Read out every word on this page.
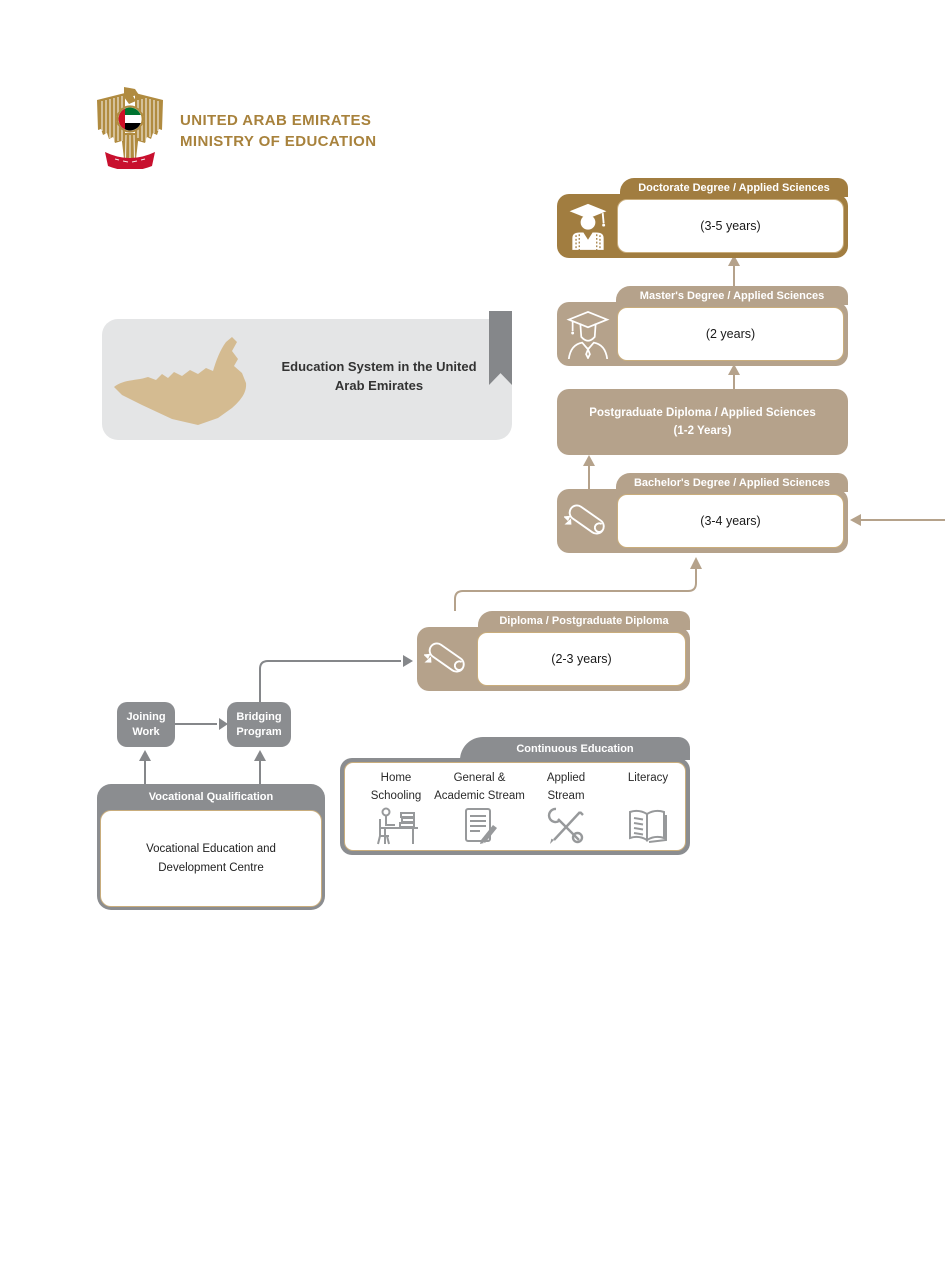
UNITED ARAB EMIRATES
MINISTRY OF EDUCATION
Education System in the United
Arab Emirates
Doctorate Degree / Applied Sciences
(3-5 years)
Master's Degree / Applied Sciences
(2 years)
Postgraduate Diploma / Applied Sciences
(1-2 Years)
Bachelor's Degree / Applied Sciences
(3-4 years)
Diploma / Postgraduate Diploma
(2-3 years)
Joining
Work
Bridging
Program
Vocational Qualification
Vocational Education and
Development Centre
Continuous Education
Home
Schooling
General &
Academic Stream
Applied
Stream
Literacy
